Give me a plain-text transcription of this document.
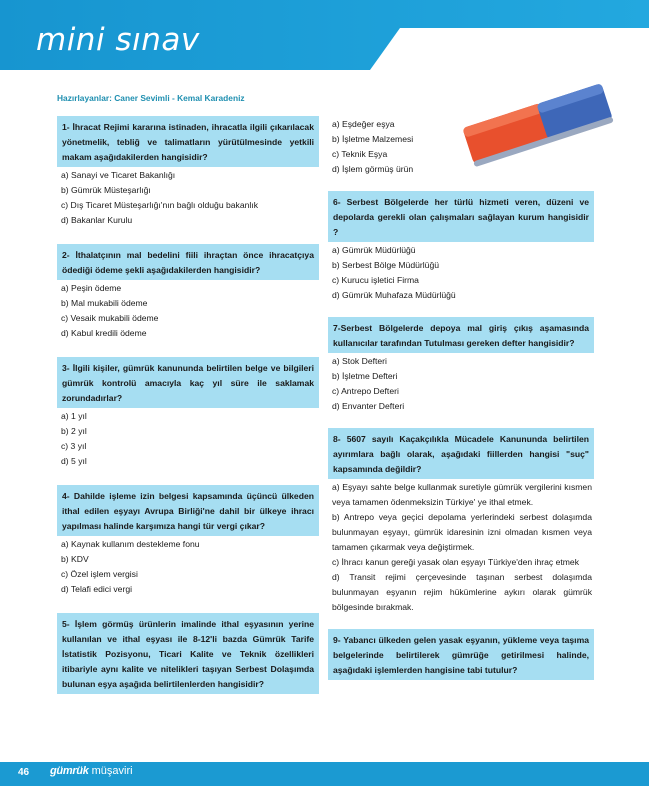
mini sınav
Hazırlayanlar: Caner Sevimli - Kemal Karadeniz
1- İhracat Rejimi kararına istinaden, ihracatla ilgili çıkarılacak yönetmelik, tebliğ ve talimatların yürütülmesinde yetkili makam aşağıdakilerden hangisidir?
a) Sanayi ve Ticaret Bakanlığı
b) Gümrük Müsteşarlığı
c) Dış Ticaret Müsteşarlığı'nın bağlı olduğu bakanlık
d) Bakanlar Kurulu
2- İthalatçının mal bedelini fiili ihraçtan önce ihracatçıya ödediği ödeme şekli aşağıdakilerden hangisidir?
a) Peşin ödeme
b) Mal mukabili ödeme
c) Vesaik mukabili ödeme
d) Kabul kredili ödeme
3- İlgili kişiler, gümrük kanununda belirtilen belge ve bilgileri gümrük kontrolü amacıyla kaç yıl süre ile saklamak zorundadırlar?
a) 1 yıl
b) 2 yıl
c) 3 yıl
d) 5 yıl
4- Dahilde işleme izin belgesi kapsamında üçüncü ülkeden ithal edilen eşyayı Avrupa Birliği'ne dahil bir ülkeye ihracı yapılması halinde karşımıza hangi tür vergi çıkar?
a) Kaynak kullanım destekleme fonu
b) KDV
c) Özel işlem vergisi
d) Telafi edici vergi
5- İşlem görmüş ürünlerin imalinde ithal eşyasının yerine kullanılan ve ithal eşyası ile 8-12'li bazda Gümrük Tarife İstatistik Pozisyonu, Ticari Kalite ve Teknik özellikleri itibariyle aynı kalite ve nitelikleri taşıyan Serbest Dolaşımda bulunan eşya aşağıda belirtilenlerden hangisidir?
a) Eşdeğer eşya
b) İşletme Malzemesi
c) Teknik Eşya
d) İşlem görmüş ürün
6- Serbest Bölgelerde her türlü hizmeti veren, düzeni ve depolarda gerekli olan çalışmaları sağlayan kurum hangisidir ?
a) Gümrük Müdürlüğü
b) Serbest Bölge Müdürlüğü
c) Kurucu işletici Firma
d) Gümrük Muhafaza Müdürlüğü
7-Serbest Bölgelerde depoya mal giriş çıkış aşamasında kullanıcılar tarafından Tutulması gereken defter hangisidir?
a) Stok Defteri
b) İşletme Defteri
c) Antrepo Defteri
d) Envanter Defteri
8- 5607 sayılı Kaçakçılıkla Mücadele Kanununda belirtilen ayırımlara bağlı olarak, aşağıdaki fiillerden hangisi "suç" kapsamında değildir?
a) Eşyayı sahte belge kullanmak suretiyle gümrük vergilerini kısmen veya tamamen ödenmeksizin Türkiye' ye ithal etmek.
b) Antrepo veya geçici depolama yerlerindeki serbest dolaşımda bulunmayan eşyayı, gümrük idaresinin izni olmadan kısmen veya tamamen çıkarmak veya değiştirmek.
c) İhracı kanun gereği yasak olan eşyayı Türkiye'den ihraç etmek
d) Transit rejimi çerçevesinde taşınan serbest dolaşımda bulunmayan eşyanın rejim hükümlerine aykırı olarak gümrük bölgesinde bırakmak.
9- Yabancı ülkeden gelen yasak eşyanın, yükleme veya taşıma belgelerinde belirtilerek gümrüğe getirilmesi halinde, aşağıdaki işlemlerden hangisine tabi tutulur?
46 gümrük müşaviri
